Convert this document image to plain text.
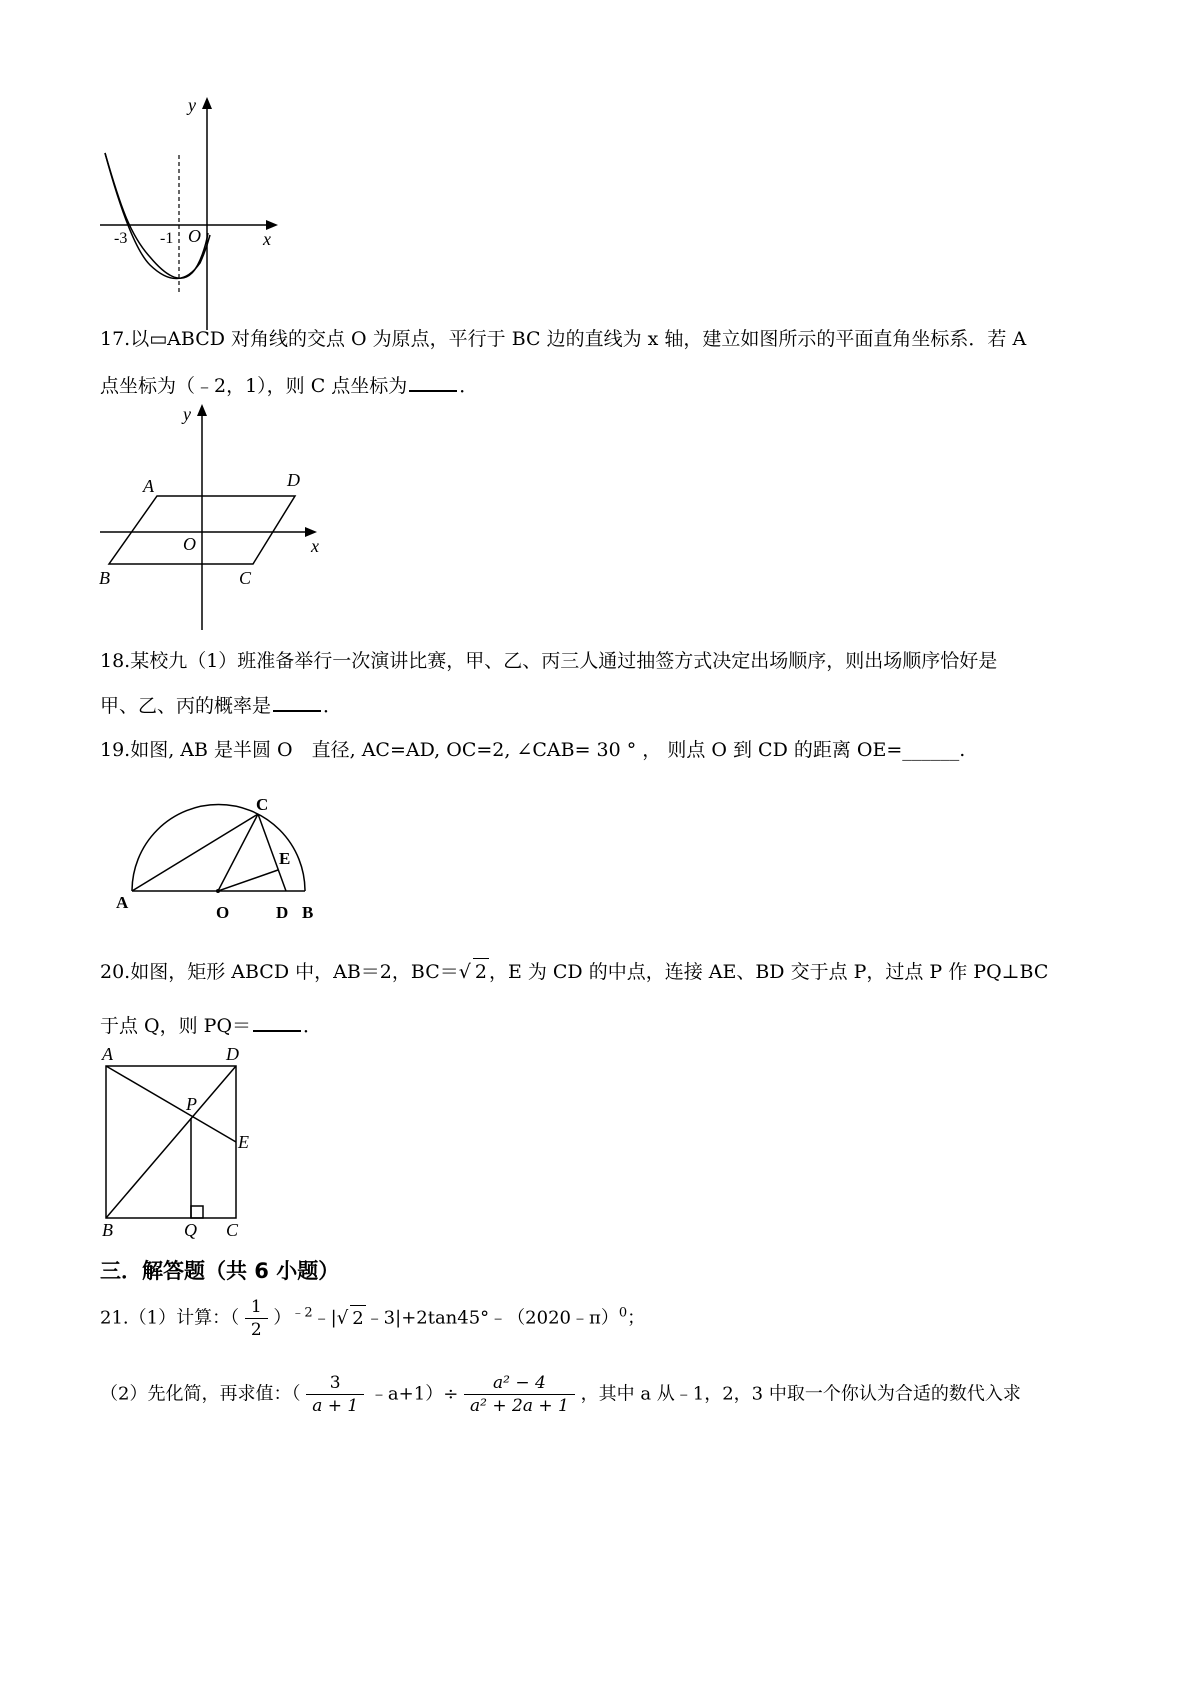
y
x
O
-3 -1
17.以▭ABCD 对角线的交点 O 为原点，平行于 BC 边的直线为 x 轴，建立如图所示的平面直角坐标系．若 A
点坐标为（﹣2，1），则 C 点坐标为	．
y
x
A	D
O
B	C
18.某校九（1）班准备举行一次演讲比赛，甲、乙、丙三人通过抽签方式决定出场顺序，则出场顺序恰好是
甲、乙、丙的概率是	．
19.如图, AB 是半圆 O　直径, AC=AD, OC=2, ∠CAB= 30 ° ， 则点 O 到 CD 的距离 OE=______.
A
O	D B
C
E
20.如图，矩形 ABCD 中，AB＝2，BC＝√ 2 ，E 为 CD 的中点，连接 AE、BD 交于点 P，过点 P 作 PQ⊥BC
于点 Q，则 PQ＝	．
A	D
P
E
B	Q C
三．解答题（共 6 小题）
21.（1）计算：（ $\frac{1}{2}$ ）$^{﹣2}$﹣|√ 2 ﹣3|+2tan45°﹣（2020﹣π）$^0$；
（2）先化简，再求值：（ $\frac{3}{a + 1}$ ﹣a+1）÷ $\frac{\text{a² − 4}}{\text{a² + 2a + 1}}$ ，其中 a 从﹣1，2，3 中取一个你认为合适的数代入求
